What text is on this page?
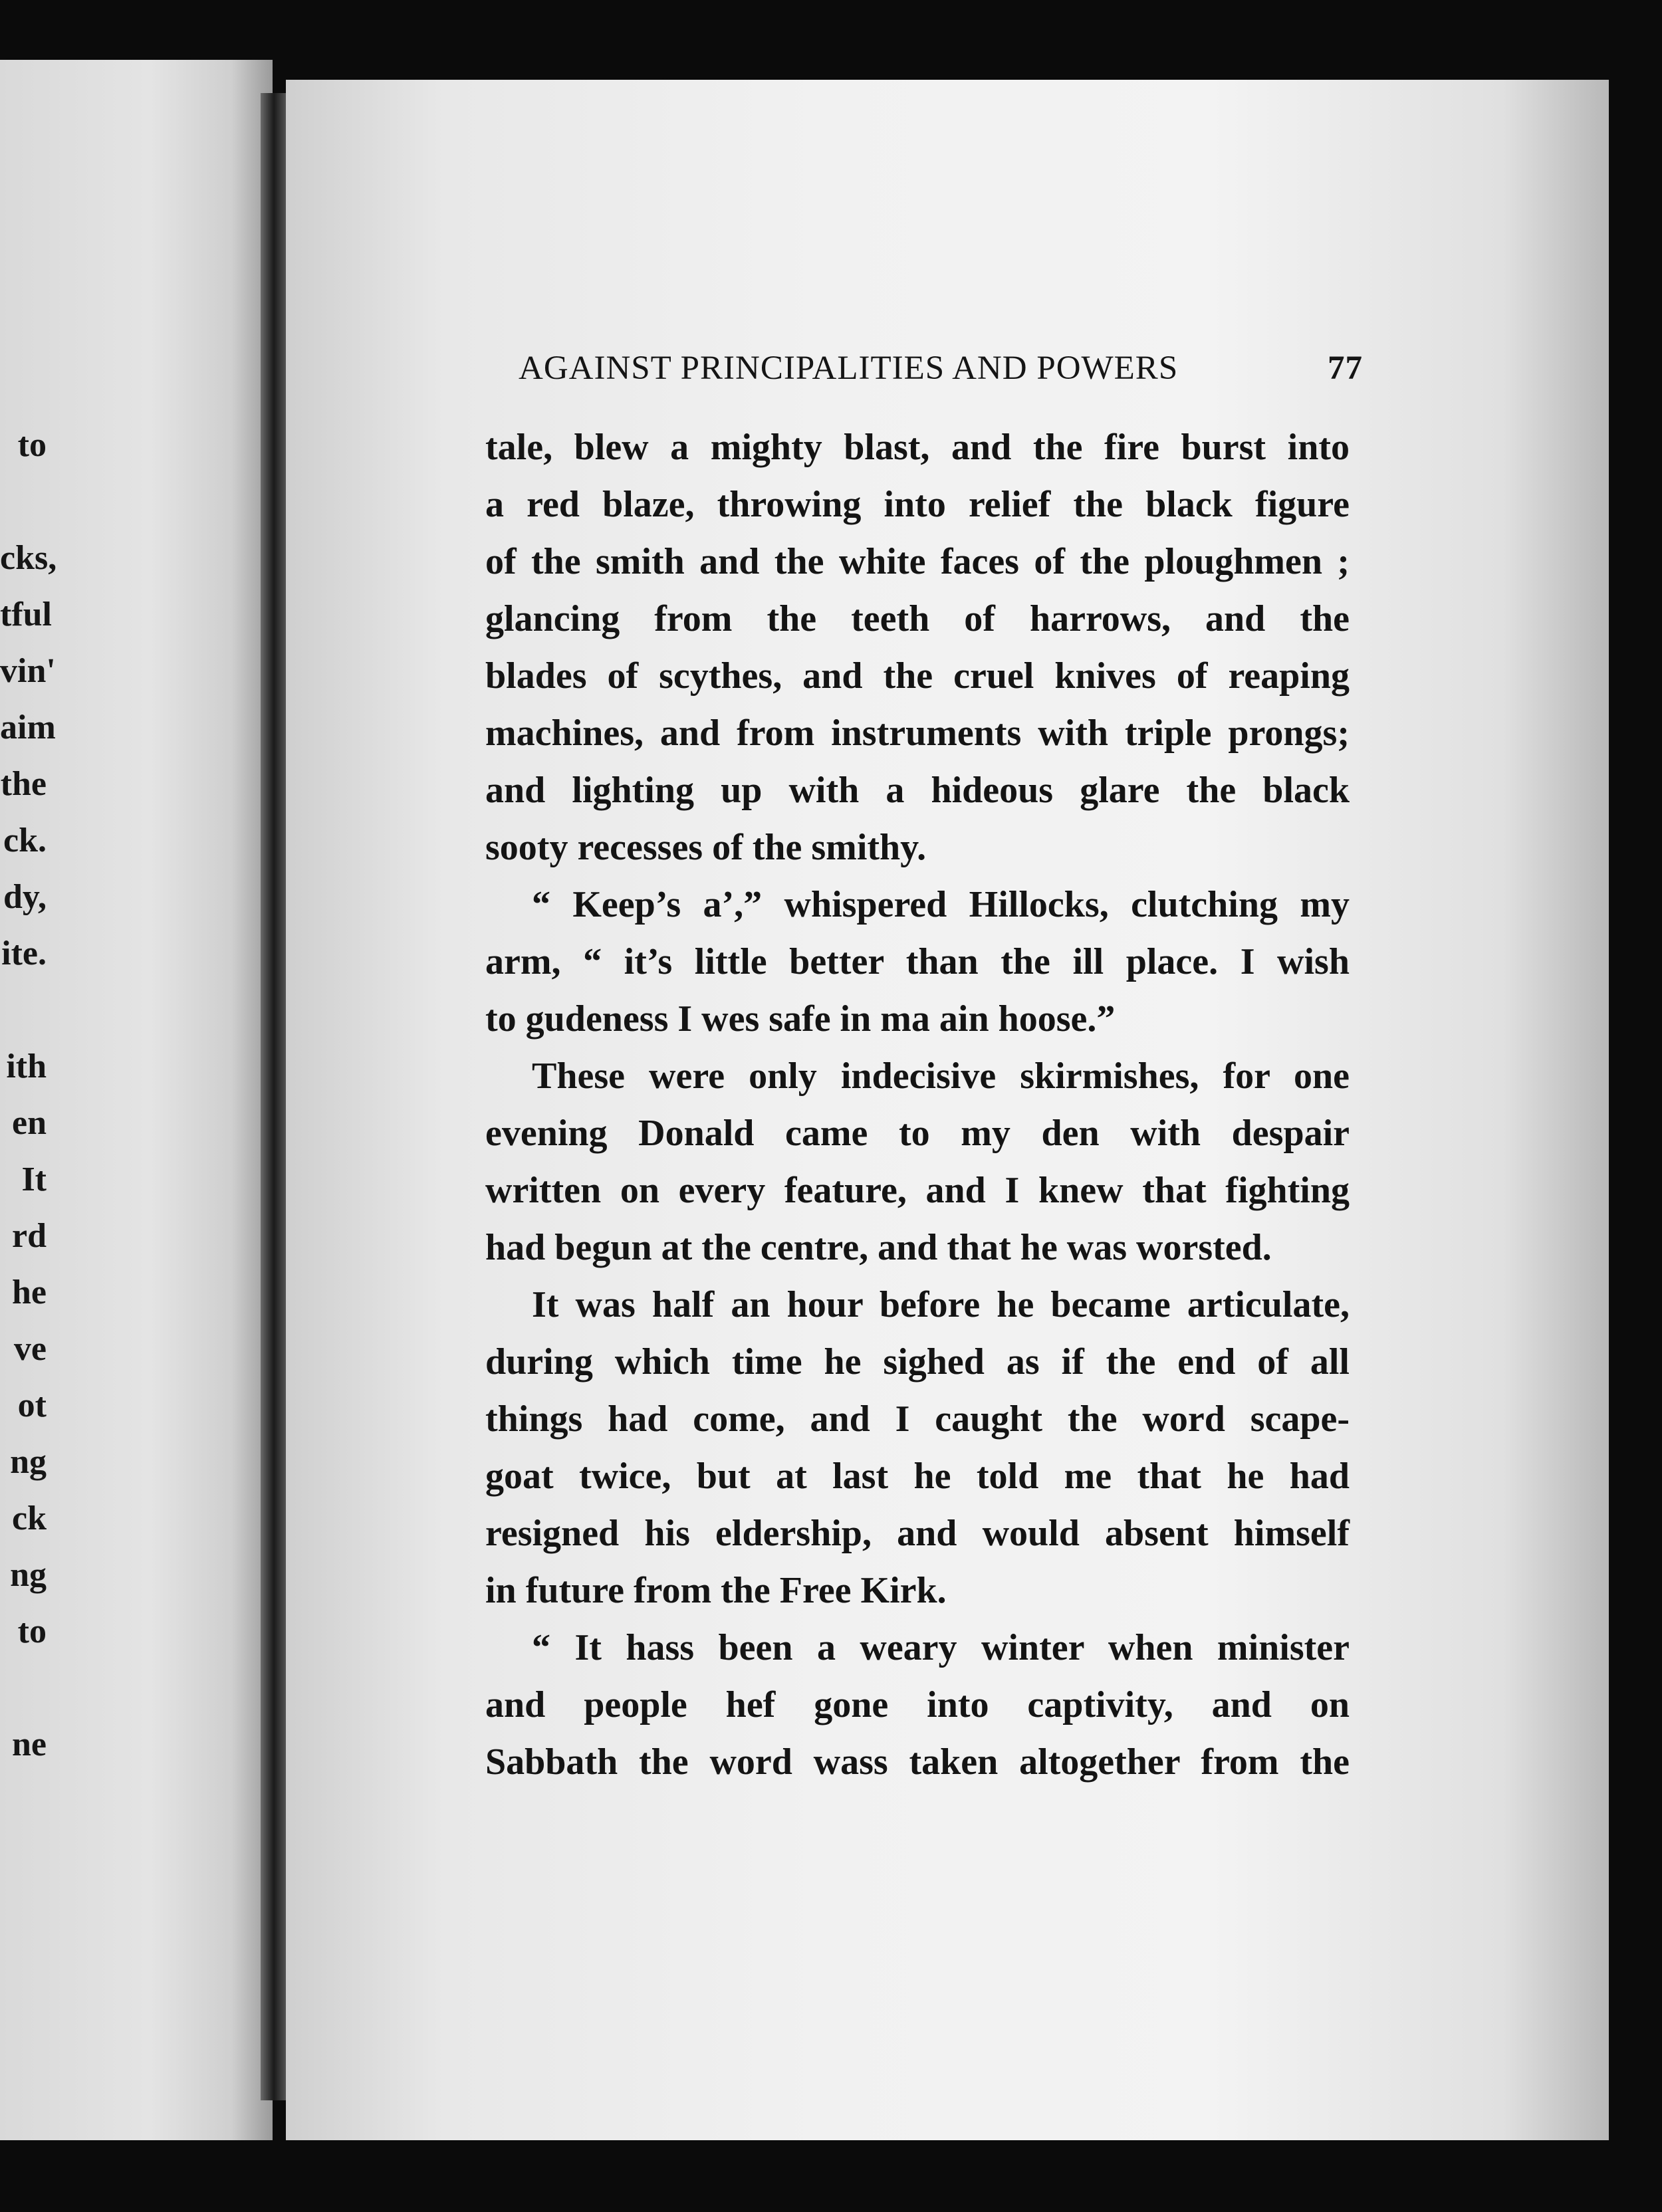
to
cks,
tful
vin'
aim
the
ck.
dy,
ite.
ith
en
It
rd
he
ve
ot
ng
ck
ng
to
ne
AGAINST PRINCIPALITIES AND POWERS	77
tale, blew a mighty blast, and the fire burst into
a red blaze, throwing into relief the black figure
of the smith and the white faces of the ploughmen ;
glancing from the teeth of harrows, and the
blades of scythes, and the cruel knives of reaping
machines, and from instruments with triple prongs;
and lighting up with a hideous glare the black
sooty recesses of the smithy.
“ Keep’s a’,” whispered Hillocks, clutching my
arm, “ it’s little better than the ill place. I wish
to gudeness I wes safe in ma ain hoose.”
These were only indecisive skirmishes, for one
evening Donald came to my den with despair
written on every feature, and I knew that fighting
had begun at the centre, and that he was worsted.
It was half an hour before he became articulate,
during which time he sighed as if the end of all
things had come, and I caught the word scape-
goat twice, but at last he told me that he had
resigned his eldership, and would absent himself
in future from the Free Kirk.
“ It hass been a weary winter when minister
and people hef gone into captivity, and on
Sabbath the word wass taken altogether from the
